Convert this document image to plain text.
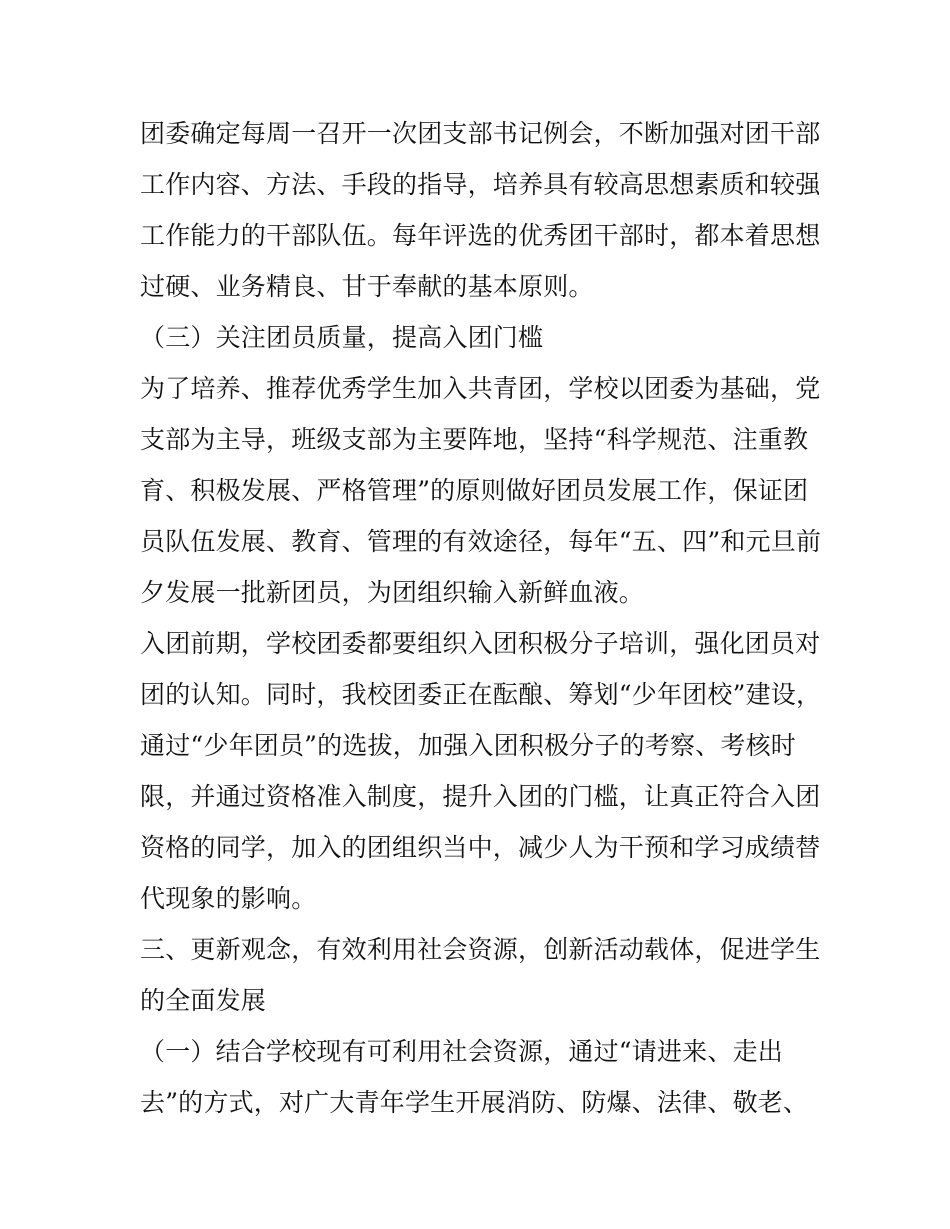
团委确定每周一召开一次团支部书记例会，不断加强对团干部
工作内容、方法、手段的指导，培养具有较高思想素质和较强
工作能力的干部队伍。每年评选的优秀团干部时，都本着思想
过硬、业务精良、甘于奉献的基本原则。
（三）关注团员质量，提高入团门槛
为了培养、推荐优秀学生加入共青团，学校以团委为基础，党
支部为主导，班级支部为主要阵地，坚持“科学规范、注重教
育、积极发展、严格管理”的原则做好团员发展工作，保证团
员队伍发展、教育、管理的有效途径，每年“五、四”和元旦前
夕发展一批新团员，为团组织输入新鲜血液。
入团前期，学校团委都要组织入团积极分子培训，强化团员对
团的认知。同时，我校团委正在酝酿、筹划“少年团校”建设，
通过“少年团员”的选拔，加强入团积极分子的考察、考核时
限，并通过资格准入制度，提升入团的门槛，让真正符合入团
资格的同学，加入的团组织当中，减少人为干预和学习成绩替
代现象的影响。
三、更新观念，有效利用社会资源，创新活动载体，促进学生
的全面发展
（一）结合学校现有可利用社会资源，通过“请进来、走出
去”的方式，对广大青年学生开展消防、防爆、法律、敬老、
